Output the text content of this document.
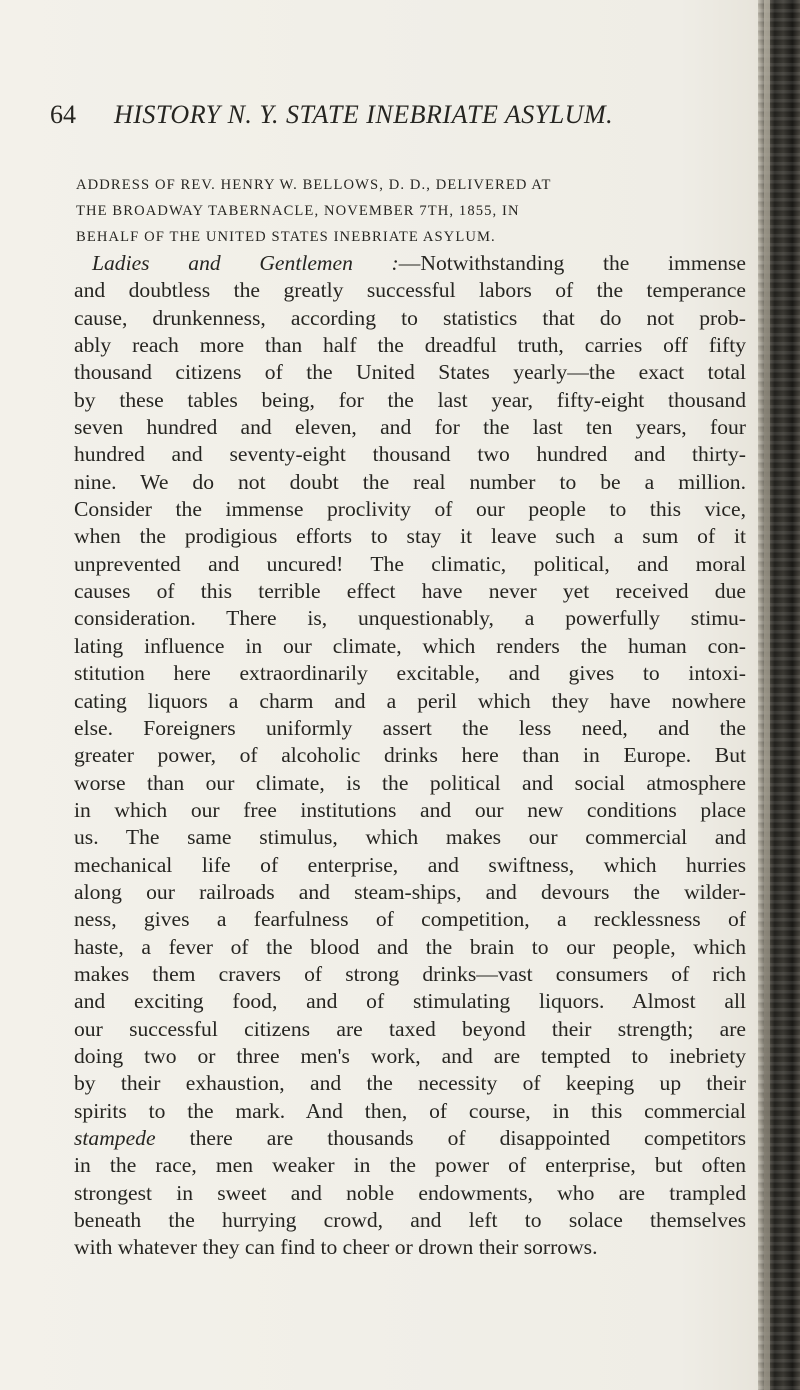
64 HISTORY N. Y. STATE INEBRIATE ASYLUM.
ADDRESS OF REV. HENRY W. BELLOWS, D. D., DELIVERED AT
THE BROADWAY TABERNACLE, NOVEMBER 7TH, 1855, IN
BEHALF OF THE UNITED STATES INEBRIATE ASYLUM.
Ladies and Gentlemen :—Notwithstanding the immense
and doubtless the greatly successful labors of the temperance
cause, drunkenness, according to statistics that do not prob-
ably reach more than half the dreadful truth, carries off fifty
thousand citizens of the United States yearly—the exact total
by these tables being, for the last year, fifty-eight thousand
seven hundred and eleven, and for the last ten years, four
hundred and seventy-eight thousand two hundred and thirty-
nine. We do not doubt the real number to be a million.
Consider the immense proclivity of our people to this vice,
when the prodigious efforts to stay it leave such a sum of it
unprevented and uncured! The climatic, political, and moral
causes of this terrible effect have never yet received due
consideration. There is, unquestionably, a powerfully stimu-
lating influence in our climate, which renders the human con-
stitution here extraordinarily excitable, and gives to intoxi-
cating liquors a charm and a peril which they have nowhere
else. Foreigners uniformly assert the less need, and the
greater power, of alcoholic drinks here than in Europe. But
worse than our climate, is the political and social atmosphere
in which our free institutions and our new conditions place
us. The same stimulus, which makes our commercial and
mechanical life of enterprise, and swiftness, which hurries
along our railroads and steam-ships, and devours the wilder-
ness, gives a fearfulness of competition, a recklessness of
haste, a fever of the blood and the brain to our people, which
makes them cravers of strong drinks—vast consumers of rich
and exciting food, and of stimulating liquors. Almost all
our successful citizens are taxed beyond their strength; are
doing two or three men's work, and are tempted to inebriety
by their exhaustion, and the necessity of keeping up their
spirits to the mark. And then, of course, in this commercial
stampede there are thousands of disappointed competitors
in the race, men weaker in the power of enterprise, but often
strongest in sweet and noble endowments, who are trampled
beneath the hurrying crowd, and left to solace themselves
with whatever they can find to cheer or drown their sorrows.
